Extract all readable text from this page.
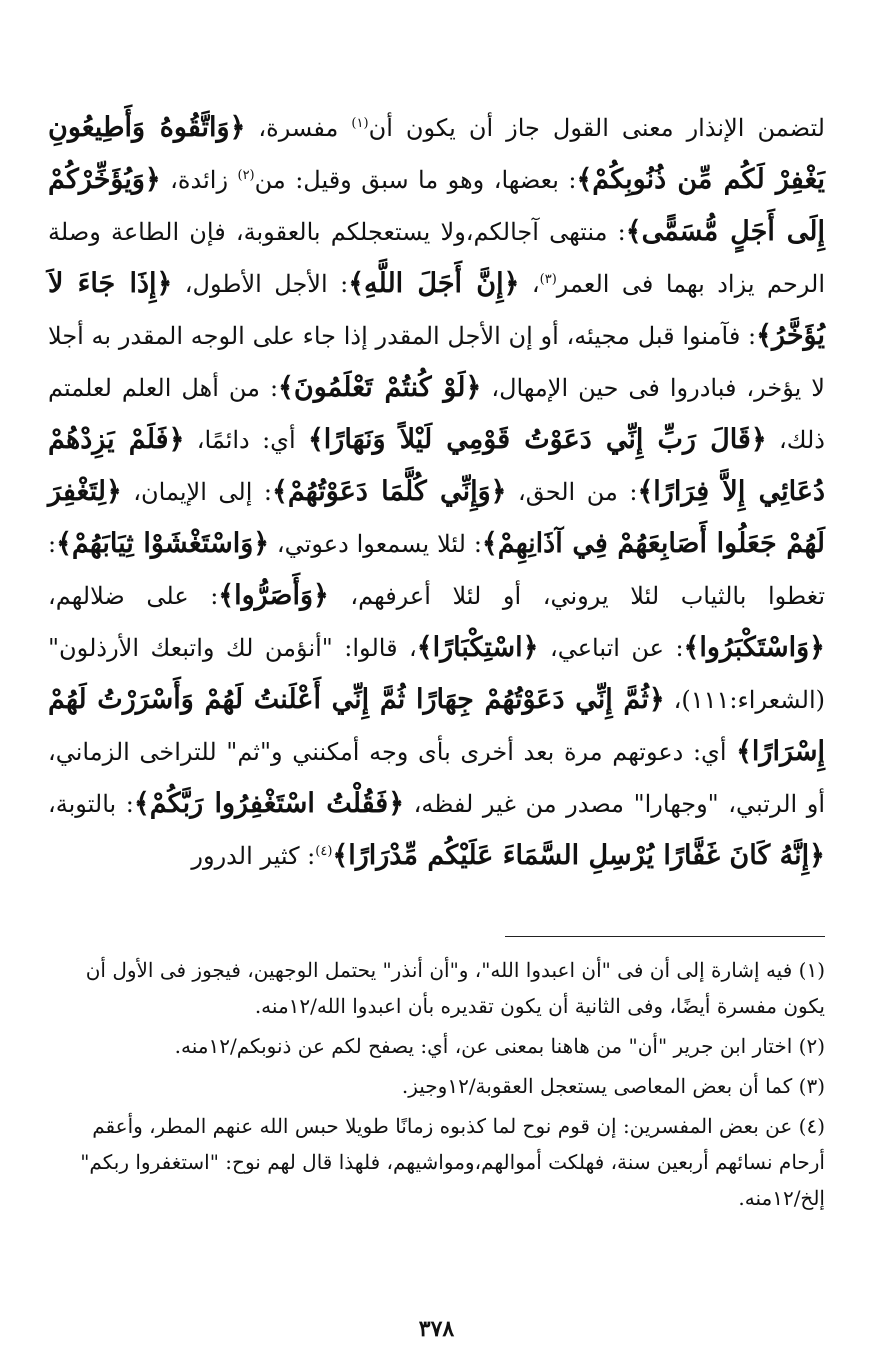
لتضمن الإنذار معنى القول جاز أن يكون أن$^{(١)}$ مفسرة، ﴿وَاتَّقُوهُ وَأَطِيعُونِ يَغْفِرْ لَكُم مِّن ذُنُوبِكُمْ﴾: بعضها، وهو ما سبق وقيل: من$^{(٢)}$ زائدة، ﴿وَيُؤَخِّرْكُمْ إِلَى أَجَلٍ مُّسَمًّى﴾: منتهى آجالكم،ولا يستعجلكم بالعقوبة، فإن الطاعة وصلة الرحم يزاد بهما فى العمر$^{(٣)}$، ﴿إِنَّ أَجَلَ اللَّهِ﴾: الأجل الأطول، ﴿إِذَا جَاءَ لاَ يُؤَخَّرُ﴾: فآمنوا قبل مجيئه، أو إن الأجل المقدر إذا جاء على الوجه المقدر به أجلا لا يؤخر، فبادروا فى حين الإمهال، ﴿لَوْ كُنتُمْ تَعْلَمُونَ﴾: من أهل العلم لعلمتم ذلك، ﴿قَالَ رَبِّ إِنِّي دَعَوْتُ قَوْمِي لَيْلاً وَنَهَارًا﴾ أي: دائمًا، ﴿فَلَمْ يَزِدْهُمْ دُعَائِي إِلاَّ فِرَارًا﴾: من الحق، ﴿وَإِنِّي كُلَّمَا دَعَوْتُهُمْ﴾: إلى الإيمان، ﴿لِتَغْفِرَ لَهُمْ جَعَلُوا أَصَابِعَهُمْ فِي آذَانِهِمْ﴾: لئلا يسمعوا دعوتي، ﴿وَاسْتَغْشَوْا ثِيَابَهُمْ﴾: تغطوا بالثياب لئلا يروني، أو لئلا أعرفهم، ﴿وَأَصَرُّوا﴾: على ضلالهم، ﴿وَاسْتَكْبَرُوا﴾: عن اتباعي، ﴿اسْتِكْبَارًا﴾، قالوا: "أنؤمن لك واتبعك الأرذلون"(الشعراء:١١١)، ﴿ثُمَّ إِنِّي دَعَوْتُهُمْ جِهَارًا ثُمَّ إِنِّي أَعْلَنتُ لَهُمْ وَأَسْرَرْتُ لَهُمْ إِسْرَارًا﴾ أي: دعوتهم مرة بعد أخرى بأى وجه أمكنني و"ثم" للتراخى الزماني، أو الرتبي، "وجهارا" مصدر من غير لفظه، ﴿فَقُلْتُ اسْتَغْفِرُوا رَبَّكُمْ﴾: بالتوبة، ﴿إِنَّهُ كَانَ غَفَّارًا يُرْسِلِ السَّمَاءَ عَلَيْكُم مِّدْرَارًا﴾$^{(٤)}$: كثير الدرور

(١) فيه إشارة إلى أن فى "أن اعبدوا الله"، و"أن أنذر" يحتمل الوجهين، فيجوز فى الأول أن يكون مفسرة أيضًا، وفى الثانية أن يكون تقديره بأن اعبدوا الله/١٢منه.

(٢) اختار ابن جرير "أن" من هاهنا بمعنى عن، أي: يصفح لكم عن ذنوبكم/١٢منه.

(٣) كما أن بعض المعاصى يستعجل العقوبة/١٢وجيز.

(٤) عن بعض المفسرين: إن قوم نوح لما كذبوه زمانًا طويلا حبس الله عنهم المطر، وأعقم أرحام نسائهم أربعين سنة، فهلكت أموالهم،ومواشيهم، فلهذا قال لهم نوح: "استغفروا ربكم" إلخ/١٢منه.

٣٧٨
